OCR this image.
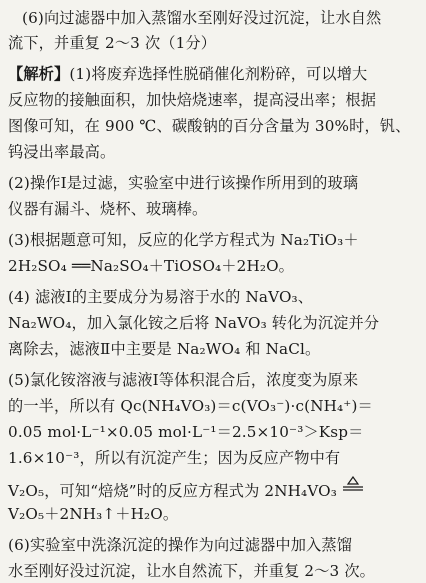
(6)向过滤器中加入蒸馏水至刚好没过沉淀，让水自然
流下，并重复 2～3 次（1分）
【解析】(1)将废弃选择性脱硝催化剂粉碎，可以增大
反应物的接触面积，加快焙烧速率，提高浸出率；根据
图像可知，在 900 ℃、碳酸钠的百分含量为 30%时，钒、
钨浸出率最高。
(2)操作Ⅰ是过滤，实验室中进行该操作所用到的玻璃
仪器有漏斗、烧杯、玻璃棒。
(3)根据题意可知，反应的化学方程式为 Na₂TiO₃＋
2H₂SO₄ ══Na₂SO₄＋TiOSO₄＋2H₂O。
(4) 滤液Ⅰ的主要成分为易溶于水的 NaVO₃、
Na₂WO₄，加入氯化铵之后将 NaVO₃ 转化为沉淀并分
离除去，滤液Ⅱ中主要是 Na₂WO₄ 和 NaCl。
(5)氯化铵溶液与滤液Ⅰ等体积混合后，浓度变为原来
的一半，所以有 Qc(NH₄VO₃)＝c(VO₃⁻)·c(NH₄⁺)＝
0.05 mol·L⁻¹×0.05 mol·L⁻¹＝2.5×10⁻³＞Ksp＝
1.6×10⁻³，所以有沉淀产生；因为反应产物中有
V₂O₅，可知“焙烧”时的反应方程式为 2NH₄VO₃
V₂O₅＋2NH₃↑＋H₂O。
(6)实验室中洗涤沉淀的操作为向过滤器中加入蒸馏
水至刚好没过沉淀，让水自然流下，并重复 2～3 次。
